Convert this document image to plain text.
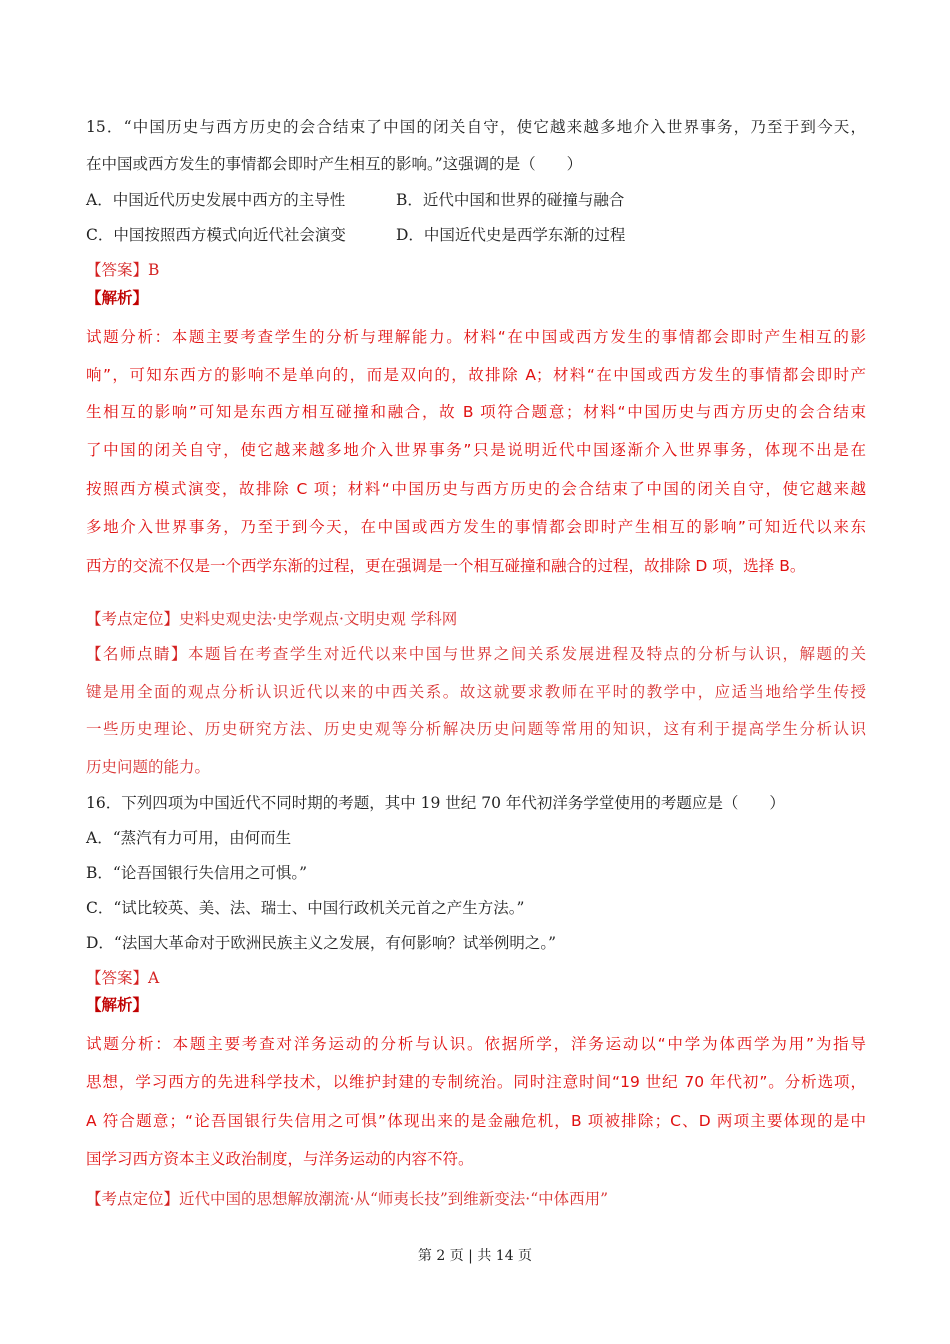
15．“中国历史与西方历史的会合结束了中国的闭关自守，使它越来越多地介入世界事务，乃至于到今天，
在中国或西方发生的事情都会即时产生相互的影响。”这强调的是（　　）
A．中国近代历史发展中西方的主导性	B．近代中国和世界的碰撞与融合
C．中国按照西方模式向近代社会演变	D．中国近代史是西学东渐的过程
【答案】B
【解析】
试题分析：本题主要考查学生的分析与理解能力。材料“在中国或西方发生的事情都会即时产生相互的影
响”，可知东西方的影响不是单向的，而是双向的，故排除 A；材料“在中国或西方发生的事情都会即时产
生相互的影响”可知是东西方相互碰撞和融合，故 B 项符合题意；材料“中国历史与西方历史的会合结束
了中国的闭关自守，使它越来越多地介入世界事务”只是说明近代中国逐渐介入世界事务，体现不出是在
按照西方模式演变，故排除 C 项；材料“中国历史与西方历史的会合结束了中国的闭关自守，使它越来越
多地介入世界事务，乃至于到今天，在中国或西方发生的事情都会即时产生相互的影响”可知近代以来东
西方的交流不仅是一个西学东渐的过程，更在强调是一个相互碰撞和融合的过程，故排除 D 项，选择 B。
【考点定位】史料史观史法·史学观点·文明史观 学科网
【名师点睛】本题旨在考查学生对近代以来中国与世界之间关系发展进程及特点的分析与认识，解题的关
键是用全面的观点分析认识近代以来的中西关系。故这就要求教师在平时的教学中，应适当地给学生传授
一些历史理论、历史研究方法、历史史观等分析解决历史问题等常用的知识，这有利于提高学生分析认识
历史问题的能力。
16．下列四项为中国近代不同时期的考题，其中 19 世纪 70 年代初洋务学堂使用的考题应是（　　）
A．“蒸汽有力可用，由何而生
B．“论吾国银行失信用之可惧。”
C．“试比较英、美、法、瑞士、中国行政机关元首之产生方法。”
D．“法国大革命对于欧洲民族主义之发展，有何影响？试举例明之。”
【答案】A
【解析】
试题分析：本题主要考查对洋务运动的分析与认识。依据所学，洋务运动以“中学为体西学为用”为指导
思想，学习西方的先进科学技术，以维护封建的专制统治。同时注意时间“19 世纪 70 年代初”。分析选项，
A 符合题意；“论吾国银行失信用之可惧”体现出来的是金融危机，B 项被排除；C、D 两项主要体现的是中
国学习西方资本主义政治制度，与洋务运动的内容不符。
【考点定位】近代中国的思想解放潮流·从“师夷长技”到维新变法·“中体西用”
第 2 页 | 共 14 页
